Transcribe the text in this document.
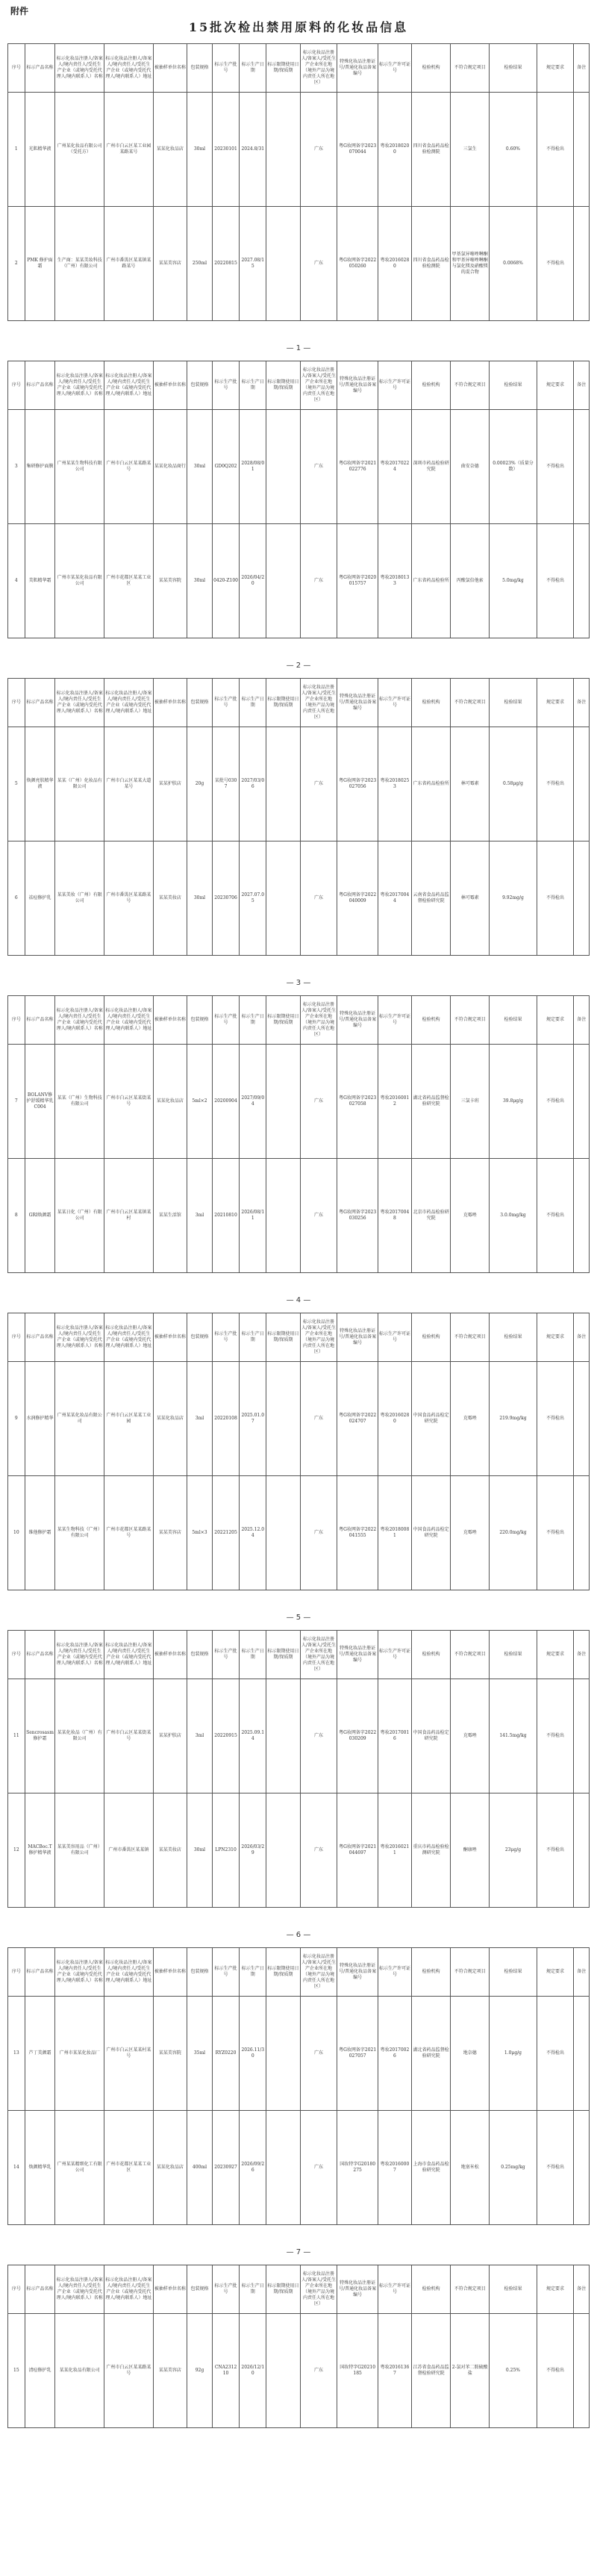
附件
15批次检出禁用原料的化妆品信息
序号	标示产品名称	标示化妆品注册人/备案人/境内责任人/受托生产企业（或境内受托代理人/境内联系人）名称	标示化妆品注册人/备案人/境内责任人/受托生产企业（或境内受托代理人/境内联系人）地址	被抽样单位名称	包装规格	标示生产批号	标示生产日期	标示限期使用日期/保质期	标示化妆品注册人/备案人/受托生产企业所在地（境外产品为境内责任人所在地区）	特殊化妆品注册证号/普通化妆品备案编号	标示生产许可证号	检验机构	不符合规定项目	检验结果	规定要求	备注
1	光肌精华液	广州某化妆品有限公司（受托方）	广州市白云区某工业园某路某号	某某化妆品店	30ml	20230101	2024.8/31		广东	粤G妆网备字2023070044	粤妆20180200	四川省食品药品检验检测院	三氯生	0.60%	不得检出	
2	PMK 修护面霜	生产商：某某美妆科技（广州）有限公司	广州市番禺区某某镇某路某号	某某美容店	250ml	20220815	2027.08/15		广东	粤G妆网备字2022050260	粤妆20160280	四川省食品药品检验检测院	甲基氯异噻唑啉酮和甲基异噻唑啉酮与氯化镁及硝酸镁的混合物	0.0068%	不得检出	
— 1 —
序号	标示产品名称	标示化妆品注册人/备案人/境内责任人/受托生产企业（或境内受托代理人/境内联系人）名称	标示化妆品注册人/备案人/境内责任人/受托生产企业（或境内受托代理人/境内联系人）地址	被抽样单位名称	包装规格	标示生产批号	标示生产日期	标示限期使用日期/保质期	标示化妆品注册人/备案人/受托生产企业所在地（境外产品为境内责任人所在地区）	特殊化妆品注册证号/普通化妆品备案编号	标示生产许可证号	检验机构	不符合规定项目	检验结果	规定要求	备注
3	集研修护面膜	广州某某生物科技有限公司	广州市白云区某某路某号	某某化妆品商行	30ml	GD0Q202	2028/08/01		广东	粤G妆网备字2021022776	粤妆20170224	深圳市药品检验研究院	曲安奈德	0.00023%（质量分数）	不得检出	
4	美肌精华霜	广州市某某化妆品有限公司	广州市花都区某某工业区	某某美容院	30ml	0420-Z100	2026/04/20		广东	粤G妆网备字2020015757	粤妆20180133	广东省药品检验所	丙酸氯倍他索	5.0mg/kg	不得检出	
— 2 —
序号	标示产品名称	标示化妆品注册人/备案人/境内责任人/受托生产企业（或境内受托代理人/境内联系人）名称	标示化妆品注册人/备案人/境内责任人/受托生产企业（或境内受托代理人/境内联系人）地址	被抽样单位名称	包装规格	标示生产批号	标示生产日期	标示限期使用日期/保质期	标示化妆品注册人/备案人/受托生产企业所在地（境外产品为境内责任人所在地区）	特殊化妆品注册证号/普通化妆品备案编号	标示生产许可证号	检验机构	不符合规定项目	检验结果	规定要求	备注
5	焕颜亮肤精华液	某某（广州）化妆品有限公司	广州市白云区某某大道某号	某某护肤店	20g	某批号0307	2027/03/06		广东	粤G妆网备字2023027056	粤妆20180253	广东省药品检验所	林可霉素	0.58μg/g	不得检出	
6	祛痘修护乳	某某美妆（广州）有限公司	广州市番禺区某某路某号	某某美妆店	30ml	20230706	2027.07.05		广东	粤G妆网备字2022040009	粤妆20170044	云南省食品药品监督检验研究院	林可霉素	9.92mg/g	不得检出	
— 3 —
序号	标示产品名称	标示化妆品注册人/备案人/境内责任人/受托生产企业（或境内受托代理人/境内联系人）名称	标示化妆品注册人/备案人/境内责任人/受托生产企业（或境内受托代理人/境内联系人）地址	被抽样单位名称	包装规格	标示生产批号	标示生产日期	标示限期使用日期/保质期	标示化妆品注册人/备案人/受托生产企业所在地（境外产品为境内责任人所在地区）	特殊化妆品注册证号/普通化妆品备案编号	标示生产许可证号	检验机构	不符合规定项目	检验结果	规定要求	备注
7	BOLANV修护舒缓精华乳C004	某某（广州）生物科技有限公司	广州市白云区某某街某号	某某化妆品店	5ml×2	20200904	2027/09/04		广东	粤G妆网备字2023027058	粤妆20160012	湖北省药品监督检验研究院	三氯卡班	39.8μg/g	不得检出	
8	GRI焕颜霜	某某日化（广州）有限公司	广州市白云区某某镇某村	某某生活馆	3ml	20210810	2026/08/11		广东	粤G妆网备字2023030256	粤妆20170048	北京市药品检验研究院	克霉唑	3.0.0mg/kg	不得检出	
— 4 —
序号	标示产品名称	标示化妆品注册人/备案人/境内责任人/受托生产企业（或境内受托代理人/境内联系人）名称	标示化妆品注册人/备案人/境内责任人/受托生产企业（或境内受托代理人/境内联系人）地址	被抽样单位名称	包装规格	标示生产批号	标示生产日期	标示限期使用日期/保质期	标示化妆品注册人/备案人/受托生产企业所在地（境外产品为境内责任人所在地区）	特殊化妆品注册证号/普通化妆品备案编号	标示生产许可证号	检验机构	不符合规定项目	检验结果	规定要求	备注
9	水润修护精华	广州某某化妆品有限公司	广州市白云区某某工业园	某某化妆品店	3ml	20220108	2025.01.07		广东	粤G妆网备字2022024707	粤妆20160280	中国食品药品检定研究院	克霉唑	219.9mg/kg	不得检出	
10	维他修护霜	某某生物科技（广州）有限公司	广州市花都区某某路某号	某某美容店	5ml×3	20221205	2025.12.04		广东	粤G妆网备字2022041555	粤妆20180081	中国食品药品检定研究院	克霉唑	220.0mg/kg	不得检出	
— 5 —
序号	标示产品名称	标示化妆品注册人/备案人/境内责任人/受托生产企业（或境内受托代理人/境内联系人）名称	标示化妆品注册人/备案人/境内责任人/受托生产企业（或境内受托代理人/境内联系人）地址	被抽样单位名称	包装规格	标示生产批号	标示生产日期	标示限期使用日期/保质期	标示化妆品注册人/备案人/受托生产企业所在地（境外产品为境内责任人所在地区）	特殊化妆品注册证号/普通化妆品备案编号	标示生产许可证号	检验机构	不符合规定项目	检验结果	规定要求	备注
11	Sencrosasm 修护霜	某某化妆品（广州）有限公司	广州市白云区某某街某号	某某护肤店	3ml	20220915	2025.09.14		广东	粤G妆网备字2022030209	粤妆20170016	中国食品药品检定研究院	克霉唑	141.5mg/kg	不得检出	
12	MACBoc.T 修护精华液	某某美容用品（广州）有限公司	广州市番禺区某某镇	某某美妆店	30ml	LPN2310	2026/03/29		广东	粤G妆网备字2021044697	粤妆20160211	重庆市药品检验检测研究院	酮康唑	23μg/g	不得检出	
— 6 —
序号	标示产品名称	标示化妆品注册人/备案人/境内责任人/受托生产企业（或境内受托代理人/境内联系人）名称	标示化妆品注册人/备案人/境内责任人/受托生产企业（或境内受托代理人/境内联系人）地址	被抽样单位名称	包装规格	标示生产批号	标示生产日期	标示限期使用日期/保质期	标示化妆品注册人/备案人/受托生产企业所在地（境外产品为境内责任人所在地区）	特殊化妆品注册证号/普通化妆品备案编号	标示生产许可证号	检验机构	不符合规定项目	检验结果	规定要求	备注
13	芦丁美颜霜	广州市某某化妆品厂	广州市白云区某某村某号	某某美容院	35ml	RYZ0220	2026.11/30		广东	粤G妆网备字2021027057	粤妆20170026	湖北省药品监督检验研究院	地奈德	1.0μg/g	不得检出	
14	焕颜精华乳	广州某某精细化工有限公司	广州市花都区某某工业区	某某化妆品店	400ml	20230927	2026/09/26		广东	国妆特字G20180275	粤妆20160007	上海市食品药品检验研究院	地塞米松	0.25mg/kg	不得检出	
— 7 —
序号	标示产品名称	标示化妆品注册人/备案人/境内责任人/受托生产企业（或境内受托代理人/境内联系人）名称	标示化妆品注册人/备案人/境内责任人/受托生产企业（或境内受托代理人/境内联系人）地址	被抽样单位名称	包装规格	标示生产批号	标示生产日期	标示限期使用日期/保质期	标示化妆品注册人/备案人/受托生产企业所在地（境外产品为境内责任人所在地区）	特殊化妆品注册证号/普通化妆品备案编号	标示生产许可证号	检验机构	不符合规定项目	检验结果	规定要求	备注
15	清痘修护乳	某某化妆品有限公司	广州市白云区某某路某号	某某美容店	92g	CNA231210	2026/12/10		广东	国妆特字G20210185	粤妆20161367	江苏省食品药品监督检验研究院	2-氯对苯二胺硫酸盐	0.25%	不得检出	
